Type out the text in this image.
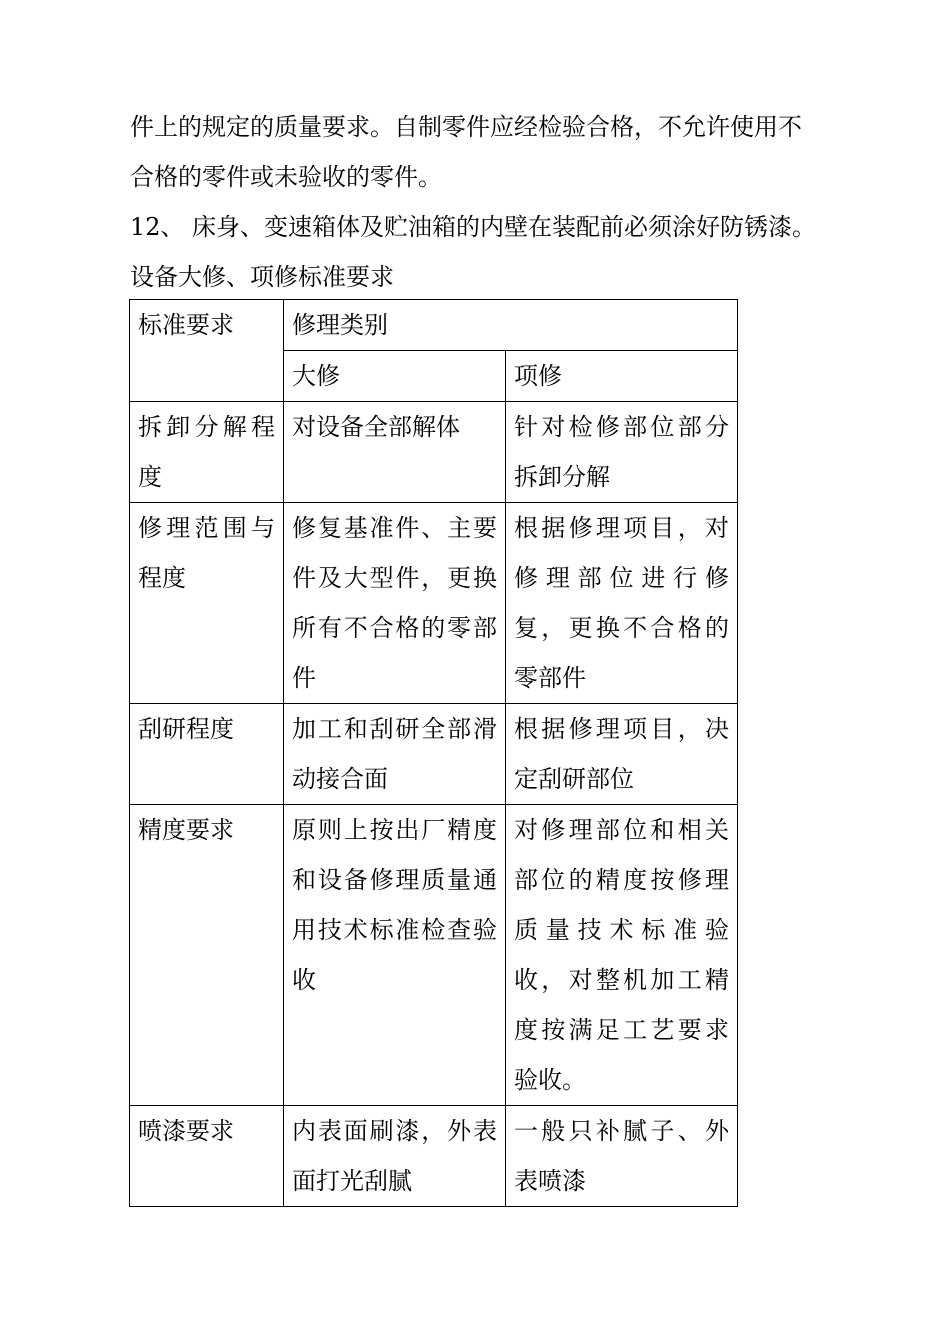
件上的规定的质量要求。自制零件应经检验合格，不允许使用不

合格的零件或未验收的零件。

12、 床身、变速箱体及贮油箱的内壁在装配前必须涂好防锈漆。

设备大修、项修标准要求

标准要求	修理类别	
	大修	项修
拆卸分解程度	对设备全部解体	针对检修部位部分拆卸分解
修理范围与程度	修复基准件、主要件及大型件，更换所有不合格的零部件	根据修理项目，对修理部位进行修复，更换不合格的零部件
刮研程度	加工和刮研全部滑动接合面	根据修理项目，决定刮研部位
精度要求	原则上按出厂精度和设备修理质量通用技术标准检查验收	对修理部位和相关部位的精度按修理质量技术标准验收，对整机加工精度按满足工艺要求验收。
喷漆要求	内表面刷漆，外表面打光刮腻	一般只补腻子、外表喷漆
